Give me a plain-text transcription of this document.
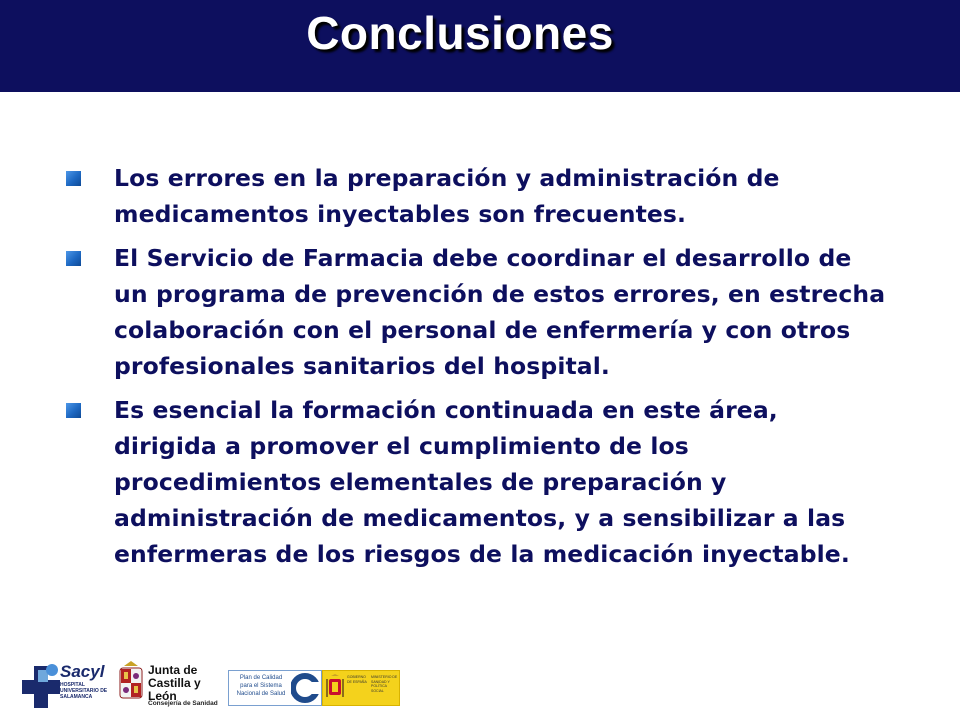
Conclusiones
Los errores en la preparación y administración de medicamentos inyectables son frecuentes.
El Servicio de Farmacia debe coordinar el desarrollo de un programa de prevención de estos errores, en estrecha colaboración con el personal de enfermería y con otros profesionales sanitarios del hospital.
Es esencial la formación continuada en este área, dirigida a promover el cumplimiento de los procedimientos elementales de preparación y administración de medicamentos, y a sensibilizar a las enfermeras de los riesgos de la medicación inyectable.
Sacyl
HOSPITAL UNIVERSITARIO DE SALAMANCA
Junta de Castilla y León
Consejería de Sanidad
Plan de Calidad para el Sistema Nacional de Salud
GOBIERNO DE ESPAÑA
MINISTERIO DE SANIDAD Y POLÍTICA SOCIAL
